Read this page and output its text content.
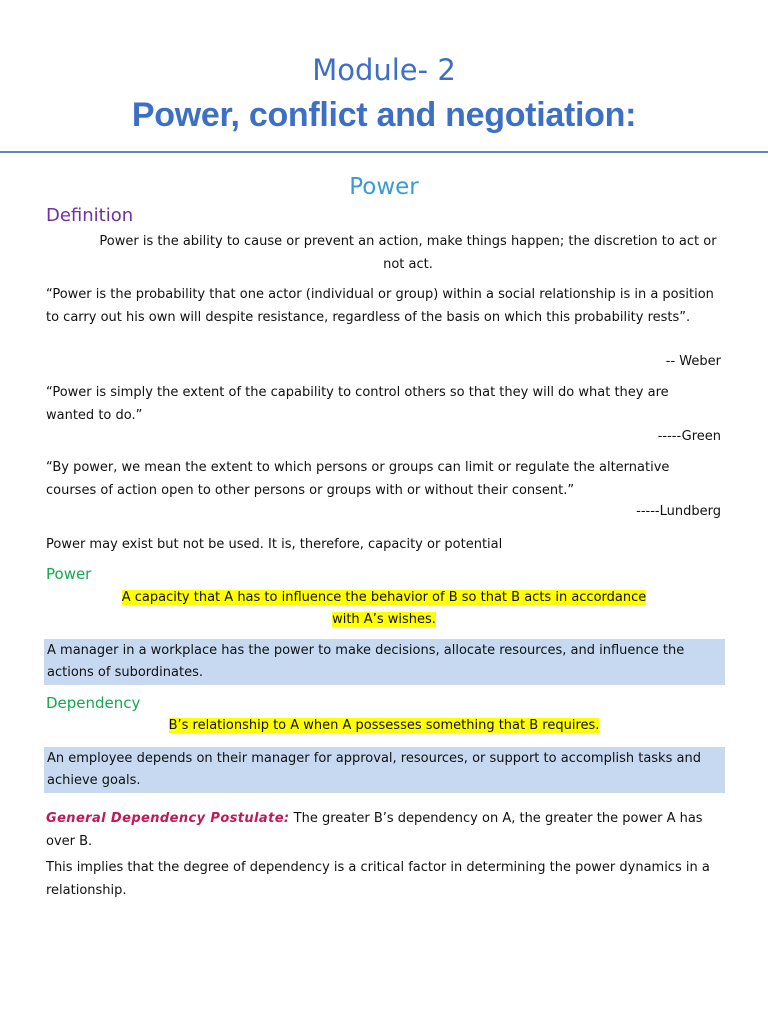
Module- 2
Power, conflict and negotiation:
Power
Definition
Power is the ability to cause or prevent an action, make things happen; the discretion to act or not act.
“Power is the probability that one actor (individual or group) within a social relationship is in a position to carry out his own will despite resistance, regardless of the basis on which this probability rests”.
-- Weber
“Power is simply the extent of the capability to control others so that they will do what they are wanted to do.”
-----Green
“By power, we mean the extent to which persons or groups can limit or regulate the alternative courses of action open to other persons or groups with or without their consent.”
-----Lundberg
Power may exist but not be used. It is, therefore, capacity or potential
Power
A capacity that A has to influence the behavior of B so that B acts in accordance
with A’s wishes.
A manager in a workplace has the power to make decisions, allocate resources, and influence the actions of subordinates.
Dependency
B’s relationship to A when A possesses something that B requires.
An employee depends on their manager for approval, resources, or support to accomplish tasks and achieve goals.
General Dependency Postulate: The greater B’s dependency on A, the greater the power A has over B.
This implies that the degree of dependency is a critical factor in determining the power dynamics in a relationship.
